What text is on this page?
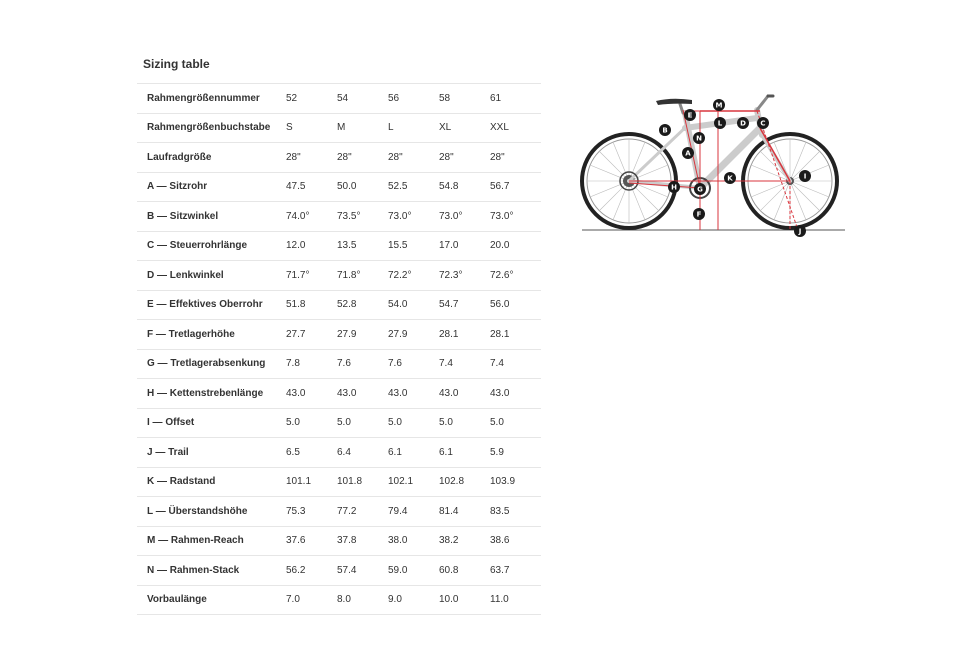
Sizing table
Rahmengrößennummer	52	54	56	58	61
Rahmengrößenbuchstabe	S	M	L	XL	XXL
Laufradgröße	28"	28"	28"	28"	28"
A — Sitzrohr	47.5	50.0	52.5	54.8	56.7
B — Sitzwinkel	74.0°	73.5°	73.0°	73.0°	73.0°
C — Steuerrohrlänge	12.0	13.5	15.5	17.0	20.0
D — Lenkwinkel	71.7°	71.8°	72.2°	72.3°	72.6°
E — Effektives Oberrohr	51.8	52.8	54.0	54.7	56.0
F — Tretlagerhöhe	27.7	27.9	27.9	28.1	28.1
G — Tretlagerabsenkung	7.8	7.6	7.6	7.4	7.4
H — Kettenstrebenlänge	43.0	43.0	43.0	43.0	43.0
I — Offset	5.0	5.0	5.0	5.0	5.0
J — Trail	6.5	6.4	6.1	6.1	5.9
K — Radstand	101.1	101.8	102.1	102.8	103.9
L — Überstandshöhe	75.3	77.2	79.4	81.4	83.5
M — Rahmen-Reach	37.6	37.8	38.0	38.2	38.6
N — Rahmen-Stack	56.2	57.4	59.0	60.8	63.7
Vorbaulänge	7.0	8.0	9.0	10.0	11.0
M
E
L	D C
B
N
A
K	I
H	G
F
J
